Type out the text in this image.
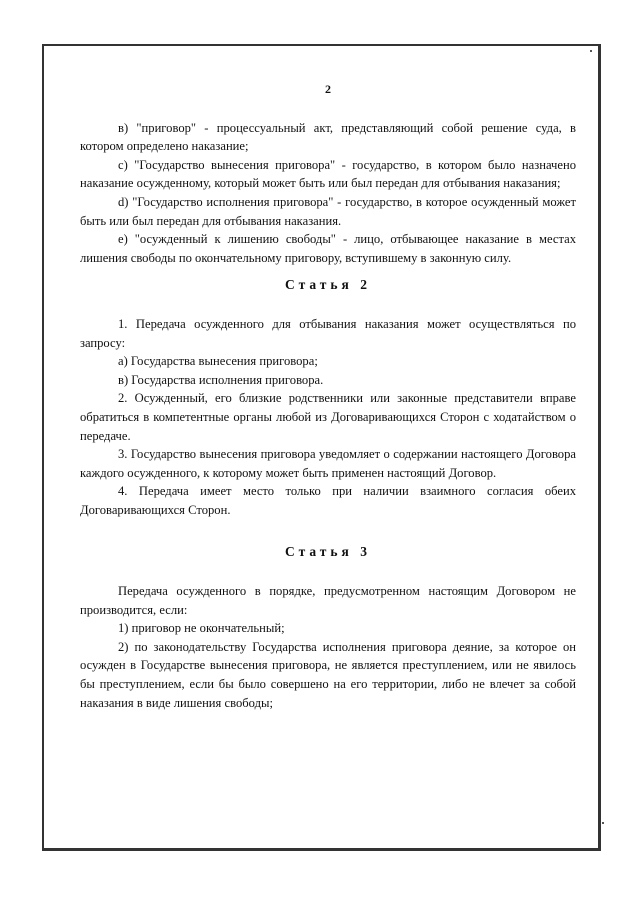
2

в) "приговор" - процессуальный акт, представляющий собой решение суда, в котором определено наказание;

с) "Государство вынесения приговора" - государство, в котором было назначено наказание осужденному, который может быть или был передан для отбывания наказания;

d) "Государство исполнения приговора" - государство, в которое осужденный может быть или был передан для отбывания наказания.

е) "осужденный к лишению свободы" - лицо, отбывающее наказание в местах лишения свободы по окончательному приговору, вступившему в законную силу.

Статья 2

1. Передача осужденного для отбывания наказания может осуществляться по запросу:

а) Государства вынесения приговора;

в) Государства исполнения приговора.

2. Осужденный, его близкие родственники или законные представители вправе обратиться в компетентные органы любой из Договаривающихся Сторон с ходатайством о передаче.

3. Государство вынесения приговора уведомляет о содержании настоящего Договора каждого осужденного, к которому может быть применен настоящий Договор.

4. Передача имеет место только при наличии взаимного согласия обеих Договаривающихся Сторон.

Статья 3

Передача осужденного в порядке, предусмотренном настоящим Договором не производится, если:

1) приговор не окончательный;

2) по законодательству Государства исполнения приговора деяние, за которое он осужден в Государстве вынесения приговора, не является преступлением, или не явилось бы преступлением, если бы было совершено на его территории, либо не влечет за собой наказания в виде лишения свободы;
